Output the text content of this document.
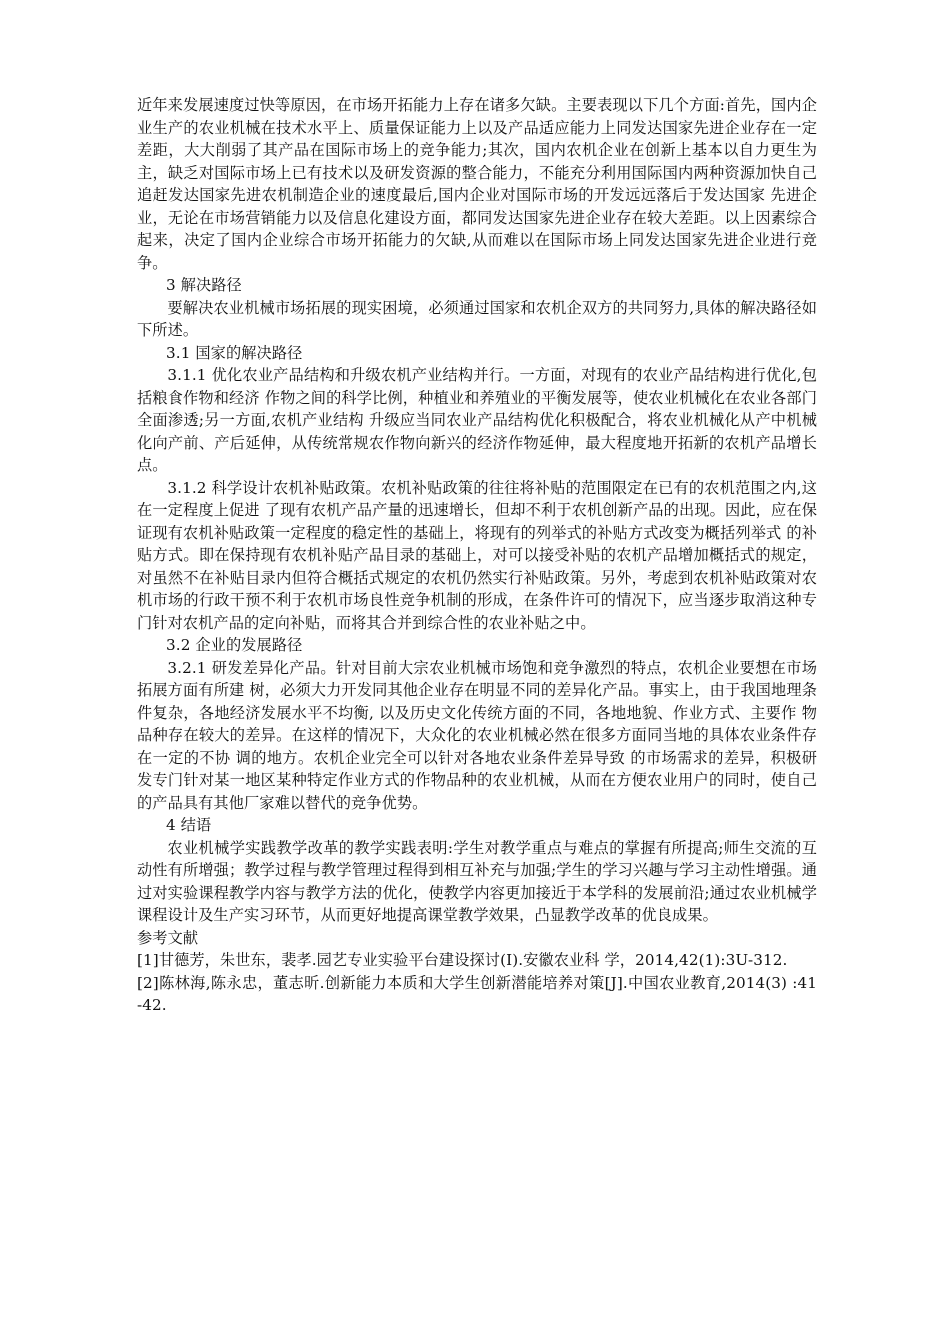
近年来发展速度过快等原因，在市场开拓能力上存在诸多欠缺。主要表现以下几个方面:首先，国内企业生产的农业机械在技术水平上、质量保证能力上以及产品适应能力上同发达国家先进企业存在一定差距，大大削弱了其产品在国际市场上的竞争能力;其次，国内农机企业在创新上基本以自力更生为主，缺乏对国际市场上已有技术以及研发资源的整合能力，不能充分利用国际国内两种资源加快自己追赶发达国家先进农机制造企业的速度最后,国内企业对国际市场的开发远远落后于发达国家 先进企业，无论在市场营销能力以及信息化建设方面，都同发达国家先进企业存在较大差距。以上因素综合起来，决定了国内企业综合市场开拓能力的欠缺,从而难以在国际市场上同发达国家先进企业进行竞争。

3 解决路径

要解决农业机械市场拓展的现实困境，必须通过国家和农机企双方的共同努力,具体的解决路径如下所述。

3.1 国家的解决路径

3.1.1 优化农业产品结构和升级农机产业结构并行。一方面，对现有的农业产品结构进行优化,包括粮食作物和经济 作物之间的科学比例，种植业和养殖业的平衡发展等，使农业机械化在农业各部门全面渗透;另一方面,农机产业结构 升级应当同农业产品结构优化积极配合，将农业机械化从产中机械化向产前、产后延伸，从传统常规农作物向新兴的经济作物延伸，最大程度地开拓新的农机产品增长点。

3.1.2 科学设计农机补贴政策。农机补贴政策的往往将补贴的范围限定在已有的农机范围之内,这在一定程度上促进 了现有农机产品产量的迅速增长，但却不利于农机创新产品的出现。因此，应在保证现有农机补贴政策一定程度的稳定性的基础上，将现有的列举式的补贴方式改变为概括列举式 的补贴方式。即在保持现有农机补贴产品目录的基础上，对可以接受补贴的农机产品增加概括式的规定，对虽然不在补贴目录内但符合概括式规定的农机仍然实行补贴政策。另外，考虑到农机补贴政策对农机市场的行政干预不利于农机市场良性竞争机制的形成，在条件许可的情况下，应当逐步取消这种专门针对农机产品的定向补贴，而将其合并到综合性的农业补贴之中。

3.2 企业的发展路径

3.2.1 研发差异化产品。针对目前大宗农业机械市场饱和竞争激烈的特点，农机企业要想在市场拓展方面有所建 树，必须大力开发同其他企业存在明显不同的差异化产品。事实上，由于我国地理条件复杂，各地经济发展水平不均衡, 以及历史文化传统方面的不同，各地地貌、作业方式、主要作 物品种存在较大的差异。在这样的情况下，大众化的农业机械必然在很多方面同当地的具体农业条件存在一定的不协 调的地方。农机企业完全可以针对各地农业条件差异导致 的市场需求的差异，积极研发专门针对某一地区某种特定作业方式的作物品种的农业机械，从而在方便农业用户的同时，使自己的产品具有其他厂家难以替代的竞争优势。

4 结语

农业机械学实践教学改革的教学实践表明:学生对教学重点与难点的掌握有所提高;师生交流的互动性有所增强；教学过程与教学管理过程得到相互补充与加强;学生的学习兴趣与学习主动性增强。通过对实验课程教学内容与教学方法的优化，使教学内容更加接近于本学科的发展前沿;通过农业机械学课程设计及生产实习环节，从而更好地提高课堂教学效果，凸显教学改革的优良成果。

参考文献

[1]甘德芳，朱世东，裴孝.园艺专业实验平台建设探讨(I).安徽农业科 学，2014,42(1):3U-312.

[2]陈林海,陈永忠，董志昕.创新能力本质和大学生创新潜能培养对策[J].中国农业教育,2014(3) :41 -42.
